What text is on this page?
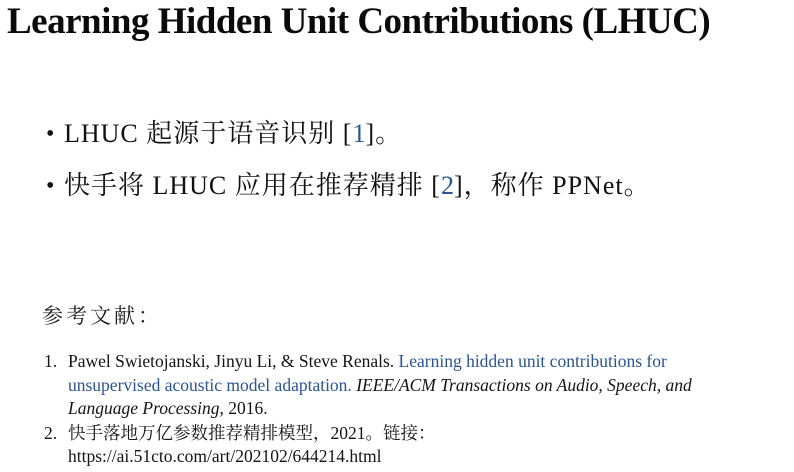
Learning Hidden Unit Contributions (LHUC)
• LHUC 起源于语音识别 [1]。
• 快手将 LHUC 应用在推荐精排 [2]，称作 PPNet。
参考文献：
1. Pawel Swietojanski, Jinyu Li, & Steve Renals. Learning hidden unit contributions for unsupervised acoustic model adaptation. IEEE/ACM Transactions on Audio, Speech, and Language Processing, 2016.
2. 快手落地万亿参数推荐精排模型，2021。链接：
https://ai.51cto.com/art/202102/644214.html
